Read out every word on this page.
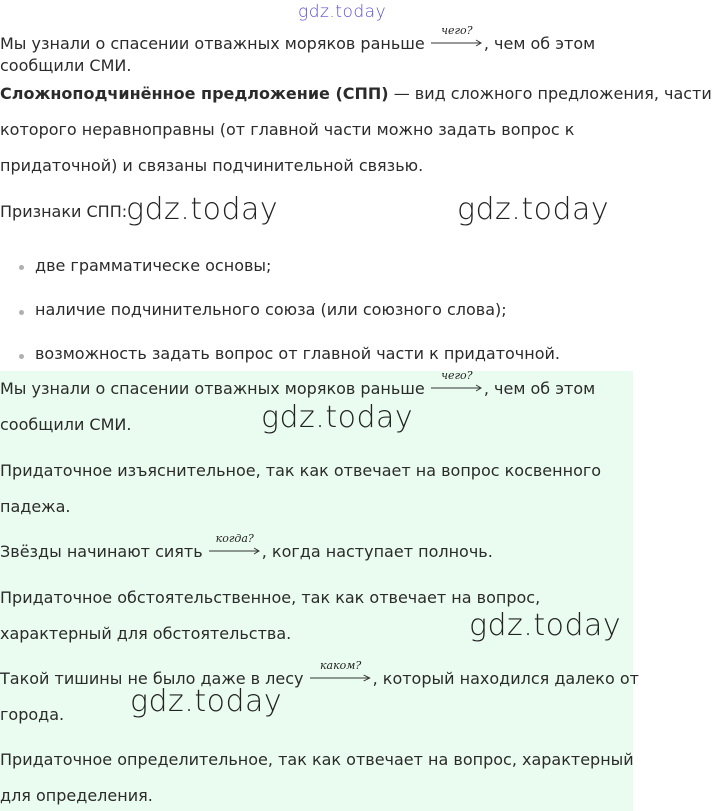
gdz.today
gdz.today	gdz.today
gdz.today
gdz.today
gdz.today
Мы узнали о спасении отважных моряков раньше
чего?
, чем об этом
сообщили СМИ.
Сложноподчинённое предложение (СПП) — вид сложного предложения, части
которого неравноправны (от главной части можно задать вопрос к
придаточной) и связаны подчинительной связью.
Признаки СПП:
две грамматическе основы;
наличие подчинительного союза (или союзного слова);
возможность задать вопрос от главной части к придаточной.
Мы узнали о спасении отважных моряков раньше
чего?
, чем об этом
сообщили СМИ.
Придаточное изъяснительное, так как отвечает на вопрос косвенного
падежа.
Звёзды начинают сиять
когда?
, когда наступает полночь.
Придаточное обстоятельственное, так как отвечает на вопрос,
характерный для обстоятельства.
Такой тишины не было даже в лесу
каком?
, который находился далеко от
города.
Придаточное определительное, так как отвечает на вопрос, характерный
для определения.
